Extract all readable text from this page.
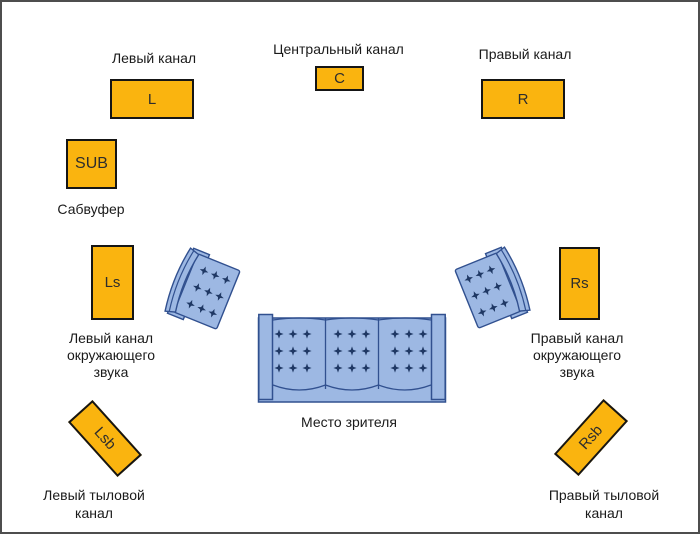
Левый канал
Центральный канал	Правый канал
Сабвуфер
Левый канал
окружающего
звука
Правый канал
окружающего
звука
Левый тыловой
канал
Правый тыловой
канал
Место зрителя
L
C
R
SUB
Ls	Rs
Lsb	Rsb
